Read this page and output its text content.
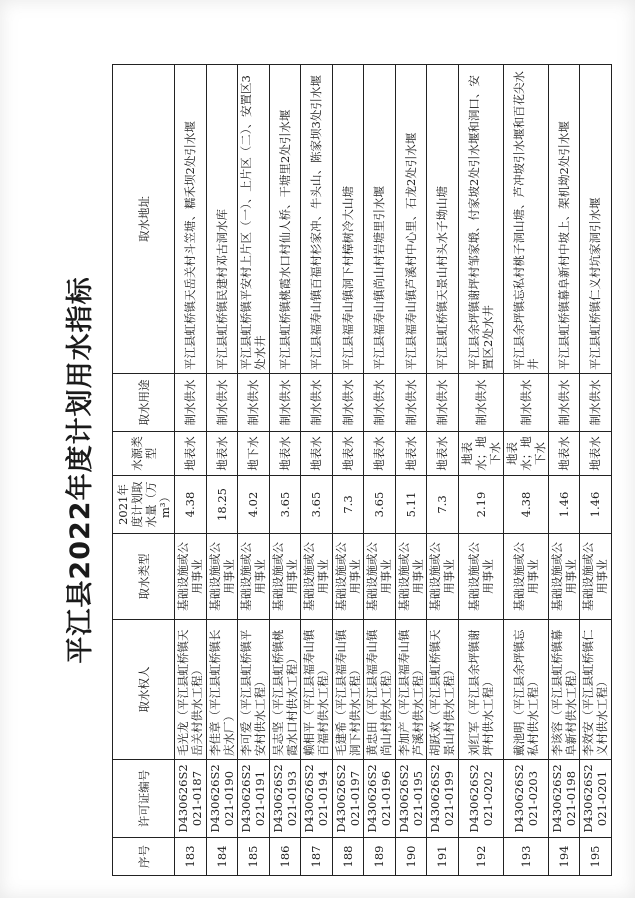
平江县2022年度计划用水指标
序号	许可证编号	取水权人	取水类型	2021年度计划取水量（万m³）	水源类型	取水用途	取水地址
183	D430626S2021-0187	毛光龙（平江县虹桥镇天岳关村供水工程）	基础设施或公用事业	4.38	地表水	制水供水	平江县虹桥镇天岳关村斗笠塘、糯禾坝2处引水堰
184	D430626S2021-0190	李佳章（平江县虹桥镇长庆水厂）	基础设施或公用事业	18.25	地表水	制水供水	平江县虹桥镇民建村邓古洞水库
185	D430626S2021-0191	李可爱（平江县虹桥镇平安村供水工程）	基础设施或公用事业	4.02	地下水	制水供水	平江县虹桥镇平安村上片区（一）、上片区（二）、安置区3处水井
186	D430626S2021-0193	吴志坚（平江县虹桥镇桃霞水口村供水工程）	基础设施或公用事业	3.65	地表水	制水供水	平江县虹桥镇桃霞水口村仙人桥、干塘里2处引水堰
187	D430626S2021-0194	赖相平（平江县福寿山镇百福村供水工程）	基础设施或公用事业	3.65	地表水	制水供水	平江县福寿山镇百福村杉家冲、牛头山、陈家坝3处引水堰
188	D430626S2021-0197	毛建希（平江县福寿山镇洞下村供水工程）	基础设施或公用事业	7.3	地表水	制水供水	平江县福寿山镇洞下村樟树冷大山塘
189	D430626S2021-0196	黄忠田（平江县福寿山镇尚山村供水工程）	基础设施或公用事业	3.65	地表水	制水供水	平江县福寿山镇尚山村岩塘里引水堰
190	D430626S2021-0195	李加产（平江县福寿山镇芦溪村供水工程）	基础设施或公用事业	5.11	地表水	制水供水	平江县福寿山镇芦溪村中心里、石龙2处引水堰
191	D430626S2021-0199	胡跃欢（平江县虹桥镇天景山村供水工程）	基础设施或公用事业	7.3	地表水	制水供水	平江县虹桥镇天景山村头水子坳山塘
192	D430626S2021-0202	刘红军（平江县余坪镇谢坪村供水工程）	基础设施或公用事业	2.19	地表水；地下水	制水供水	平江县余坪镇谢坪村邹家塅、付家坡2处引水堰和洞口、安置区2处水井
193	D430626S2021-0203	戴池明（平江县余坪镇忘私村供水工程）	基础设施或公用事业	4.38	地表水；地下水	制水供水	平江县余坪镇忘私村桃子洞山塘、芦冲坡引水堰和百花尖水井
194	D430626S2021-0198	李该容（平江县虹桥镇幕阜新村供水工程）	基础设施或公用事业	1.46	地表水	制水供水	平江县虹桥镇幕阜新村中坡上、架机坳2处引水堰
195	D430626S2021-0201	李效安（平江县虹桥镇仁义村供水工程）	基础设施或公用事业	1.46	地表水	制水供水	平江县虹桥镇仁义村坑家洞引水堰
